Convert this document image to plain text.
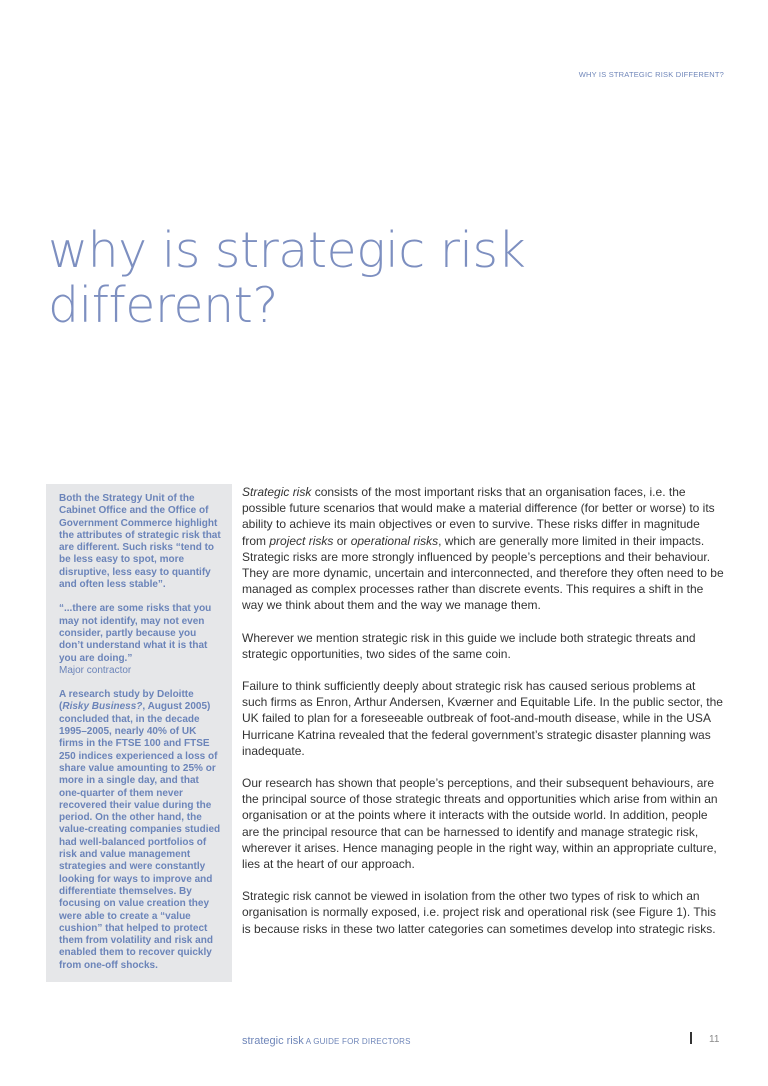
WHY IS STRATEGIC RISK DIFFERENT?
why is strategic risk
different?

Both the Strategy Unit of the Cabinet Office and the Office of Government Commerce highlight the attributes of strategic risk that are different. Such risks “tend to be less easy to spot, more disruptive, less easy to quantify and often less stable”.

“...there are some risks that you may not identify, may not even consider, partly because you don’t understand what it is that you are doing.”
Major contractor

A research study by Deloitte (Risky Business?, August 2005) concluded that, in the decade 1995–2005, nearly 40% of UK firms in the FTSE 100 and FTSE 250 indices experienced a loss of share value amounting to 25% or more in a single day, and that one-quarter of them never recovered their value during the period. On the other hand, the value-creating companies studied had well-balanced portfolios of risk and value management strategies and were constantly looking for ways to improve and differentiate themselves. By focusing on value creation they were able to create a “value cushion” that helped to protect them from volatility and risk and enabled them to recover quickly from one-off shocks.

Strategic risk consists of the most important risks that an organisation faces, i.e. the possible future scenarios that would make a material difference (for better or worse) to its ability to achieve its main objectives or even to survive. These risks differ in magnitude from project risks or operational risks, which are generally more limited in their impacts. Strategic risks are more strongly influenced by people’s perceptions and their behaviour. They are more dynamic, uncertain and interconnected, and therefore they often need to be managed as complex processes rather than discrete events. This requires a shift in the way we think about them and the way we manage them.

Wherever we mention strategic risk in this guide we include both strategic threats and strategic opportunities, two sides of the same coin.

Failure to think sufficiently deeply about strategic risk has caused serious problems at such firms as Enron, Arthur Andersen, Kværner and Equitable Life. In the public sector, the UK failed to plan for a foreseeable outbreak of foot-and-mouth disease, while in the USA Hurricane Katrina revealed that the federal government’s strategic disaster planning was inadequate.

Our research has shown that people’s perceptions, and their subsequent behaviours, are the principal source of those strategic threats and opportunities which arise from within an organisation or at the points where it interacts with the outside world. In addition, people are the principal resource that can be harnessed to identify and manage strategic risk, wherever it arises. Hence managing people in the right way, within an appropriate culture, lies at the heart of our approach.

Strategic risk cannot be viewed in isolation from the other two types of risk to which an organisation is normally exposed, i.e. project risk and operational risk (see Figure 1). This is because risks in these two latter categories can sometimes develop into strategic risks.

strategic risk A GUIDE FOR DIRECTORS	11
